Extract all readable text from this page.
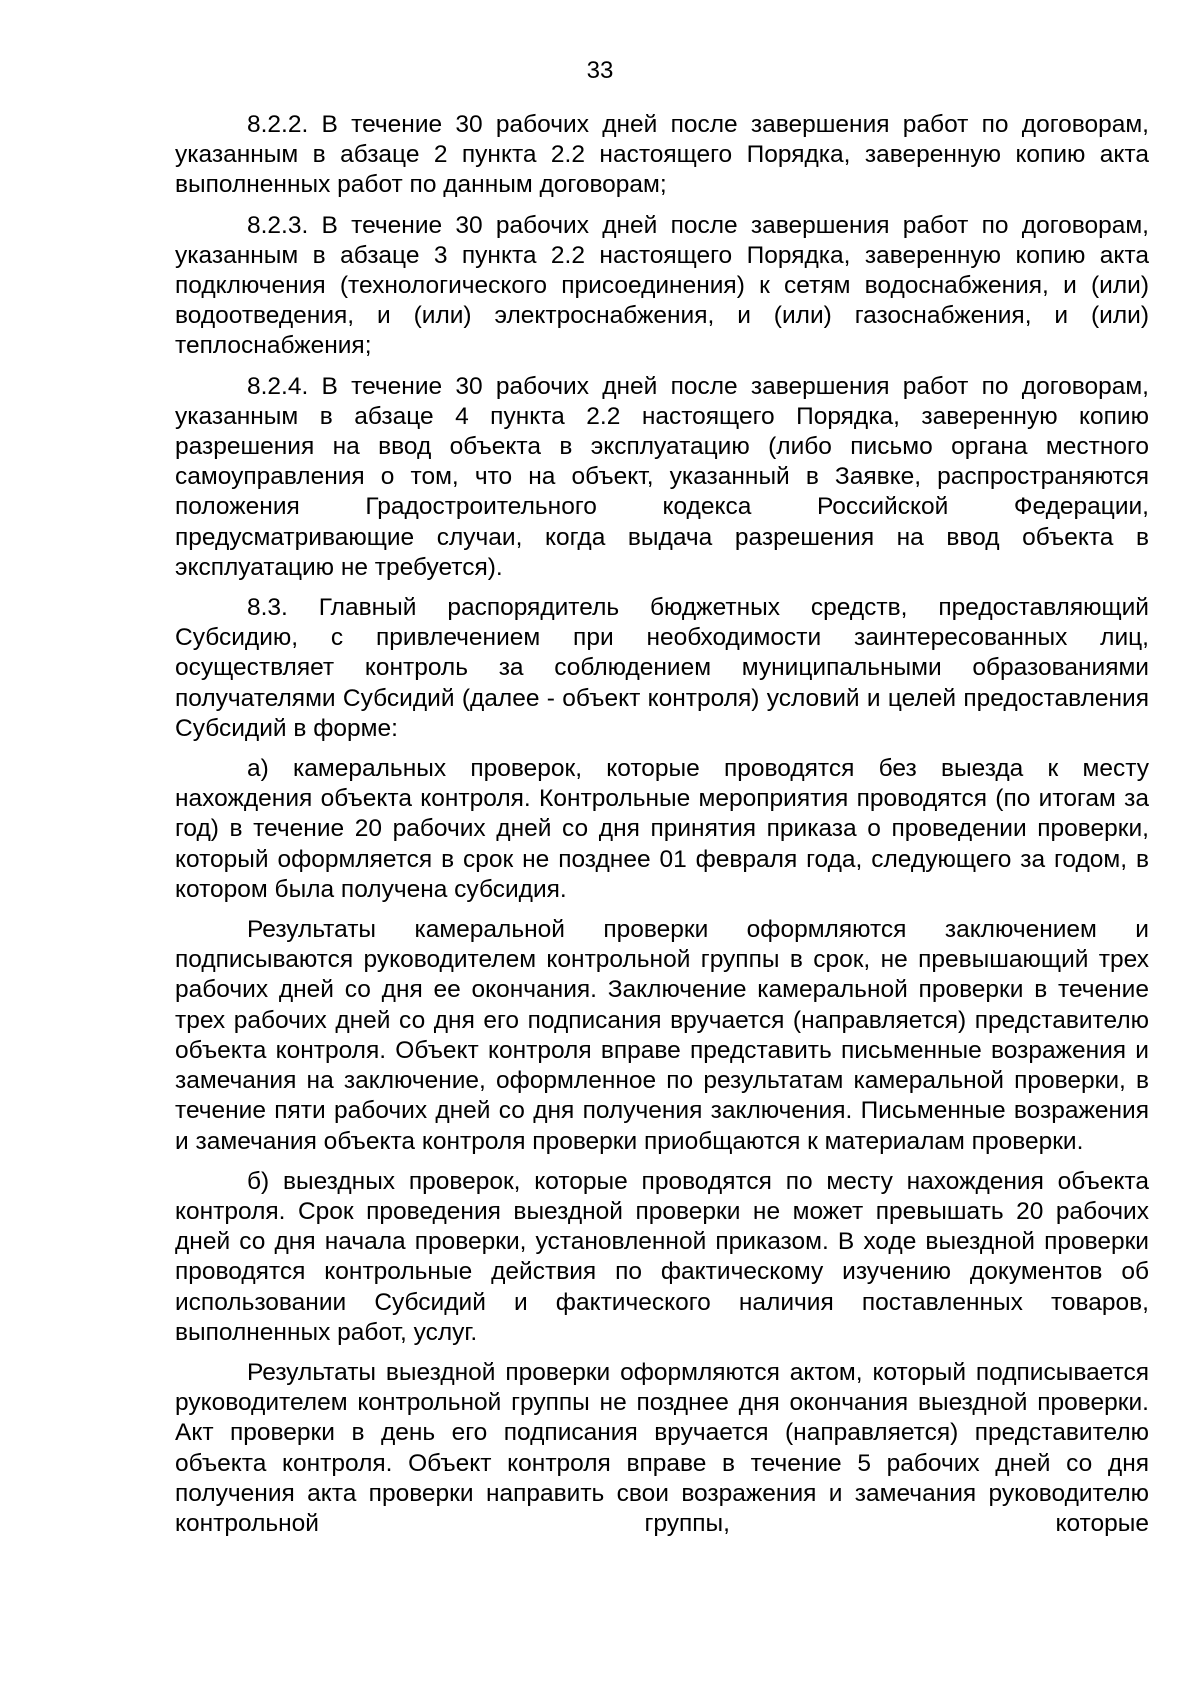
33

8.2.2. В течение 30 рабочих дней после завершения работ по договорам, указанным в абзаце 2 пункта 2.2 настоящего Порядка, заверенную копию акта выполненных работ по данным договорам;

8.2.3. В течение 30 рабочих дней после завершения работ по договорам, указанным в абзаце 3 пункта 2.2 настоящего Порядка, заверенную копию акта подключения (технологического присоединения) к сетям водоснабжения, и (или) водоотведения, и (или) электроснабжения, и (или) газоснабжения, и (или) теплоснабжения;

8.2.4. В течение 30 рабочих дней после завершения работ по договорам, указанным в абзаце 4 пункта 2.2 настоящего Порядка, заверенную копию разрешения на ввод объекта в эксплуатацию (либо письмо органа местного самоуправления о том, что на объект, указанный в Заявке, распространяются положения Градостроительного кодекса Российской Федерации, предусматривающие случаи, когда выдача разрешения на ввод объекта в эксплуатацию не требуется).

8.3. Главный распорядитель бюджетных средств, предоставляющий Субсидию, с привлечением при необходимости заинтересованных лиц, осуществляет контроль за соблюдением муниципальными образованиями получателями Субсидий (далее - объект контроля) условий и целей предоставления Субсидий в форме:

а) камеральных проверок, которые проводятся без выезда к месту нахождения объекта контроля. Контрольные мероприятия проводятся (по итогам за год) в течение 20 рабочих дней со дня принятия приказа о проведении проверки, который оформляется в срок не позднее 01 февраля года, следующего за годом, в котором была получена субсидия.

Результаты камеральной проверки оформляются заключением и подписываются руководителем контрольной группы в срок, не превышающий трех рабочих дней со дня ее окончания. Заключение камеральной проверки в течение трех рабочих дней со дня его подписания вручается (направляется) представителю объекта контроля. Объект контроля вправе представить письменные возражения и замечания на заключение, оформленное по результатам камеральной проверки, в течение пяти рабочих дней со дня получения заключения. Письменные возражения и замечания объекта контроля проверки приобщаются к материалам проверки.

б) выездных проверок, которые проводятся по месту нахождения объекта контроля. Срок проведения выездной проверки не может превышать 20 рабочих дней со дня начала проверки, установленной приказом. В ходе выездной проверки проводятся контрольные действия по фактическому изучению документов об использовании Субсидий и фактического наличия поставленных товаров, выполненных работ, услуг.

Результаты выездной проверки оформляются актом, который подписывается руководителем контрольной группы не позднее дня окончания выездной проверки. Акт проверки в день его подписания вручается (направляется) представителю объекта контроля. Объект контроля вправе в течение 5 рабочих дней со дня получения акта проверки направить свои возражения и замечания руководителю контрольной группы, которые
